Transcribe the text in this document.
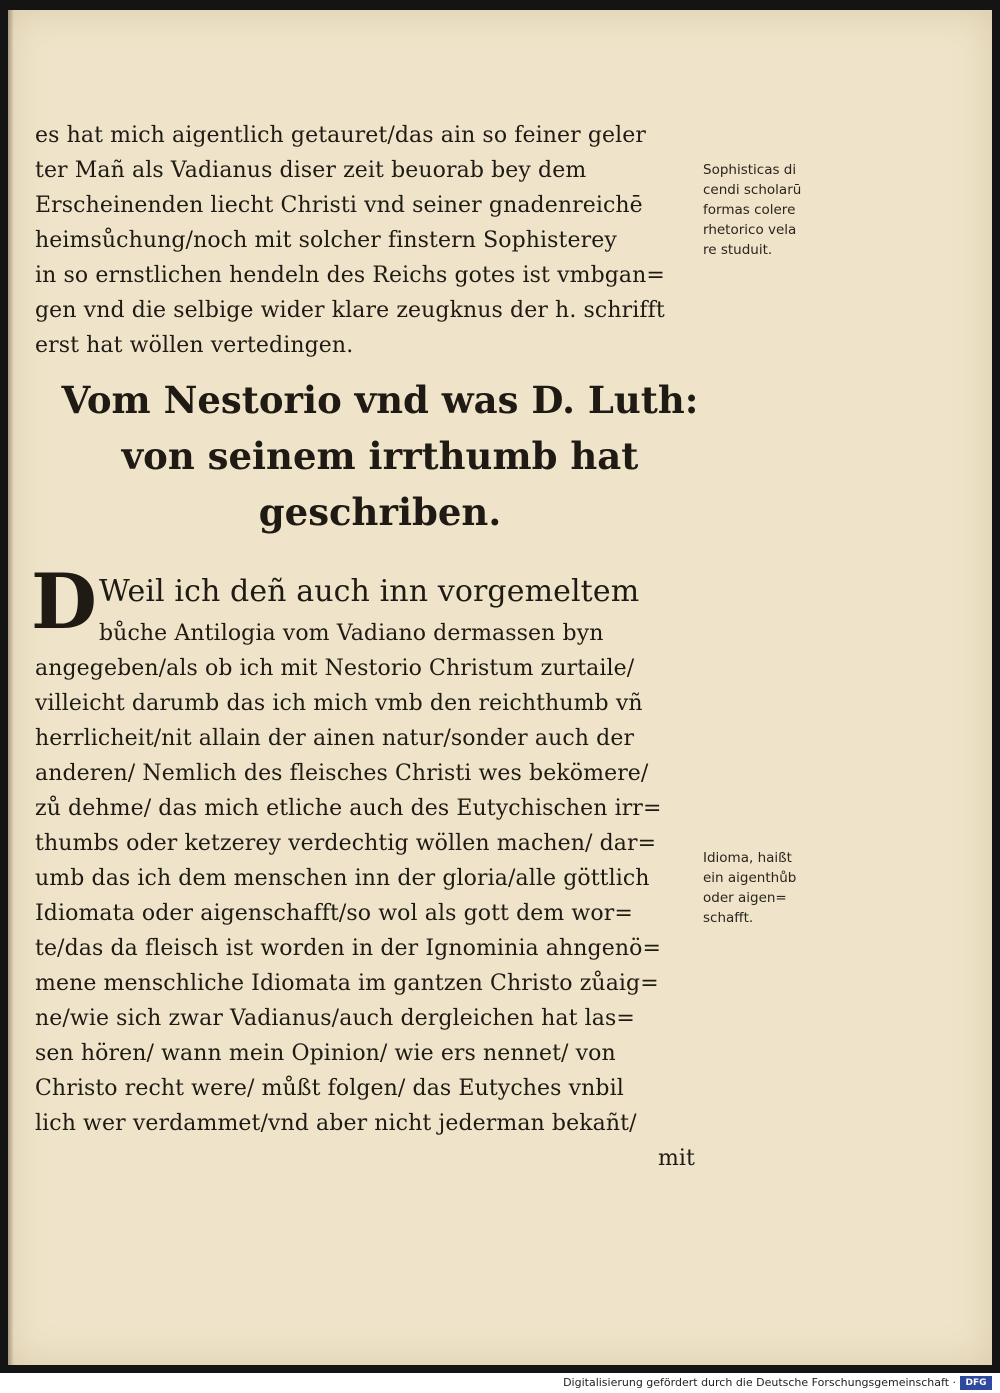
es hat mich aigentlich getauret/das ain so feiner geler
ter Mañ als Vadianus diser zeit beuorab bey dem
Erscheinenden liecht Christi vnd seiner gnadenreichē
heimsůchung/noch mit solcher finstern Sophisterey
in so ernstlichen hendeln des Reichs gotes ist vmbgan=
gen vnd die selbige wider klare zeugknus der h. schrifft
erst hat wöllen vertedingen.
Sophisticas di
cendi scholarū
formas colere
rhetorico vela
re studuit.
Vom Nestorio vnd was D. Luth:
von seinem irrthumb hat
geschriben.
D Weil ich deñ auch inn vorgemeltem
bůche Antilogia vom Vadiano dermassen byn
angegeben/als ob ich mit Nestorio Christum zurtaile/
villeicht darumb das ich mich vmb den reichthumb vñ
herrlicheit/nit allain der ainen natur/sonder auch der
anderen/ Nemlich des fleisches Christi wes bekömere/
zů dehme/ das mich etliche auch des Eutychischen irr=
thumbs oder ketzerey verdechtig wöllen machen/ dar=
umb das ich dem menschen inn der gloria/alle göttlich
Idiomata oder aigenschafft/so wol als gott dem wor=
te/das da fleisch ist worden in der Ignominia ahngenö=
mene menschliche Idiomata im gantzen Christo zůaig=
ne/wie sich zwar Vadianus/auch dergleichen hat las=
sen hören/ wann mein Opinion/ wie ers nennet/ von
Christo recht were/ můßt folgen/ das Eutyches vnbil
lich wer verdammet/vnd aber nicht jederman bekañt/
mit
Idioma, haißt
ein aigenthůb
oder aigen=
schafft.
Digitalisierung gefördert durch die Deutsche Forschungsgemeinschaft ·	DFG
